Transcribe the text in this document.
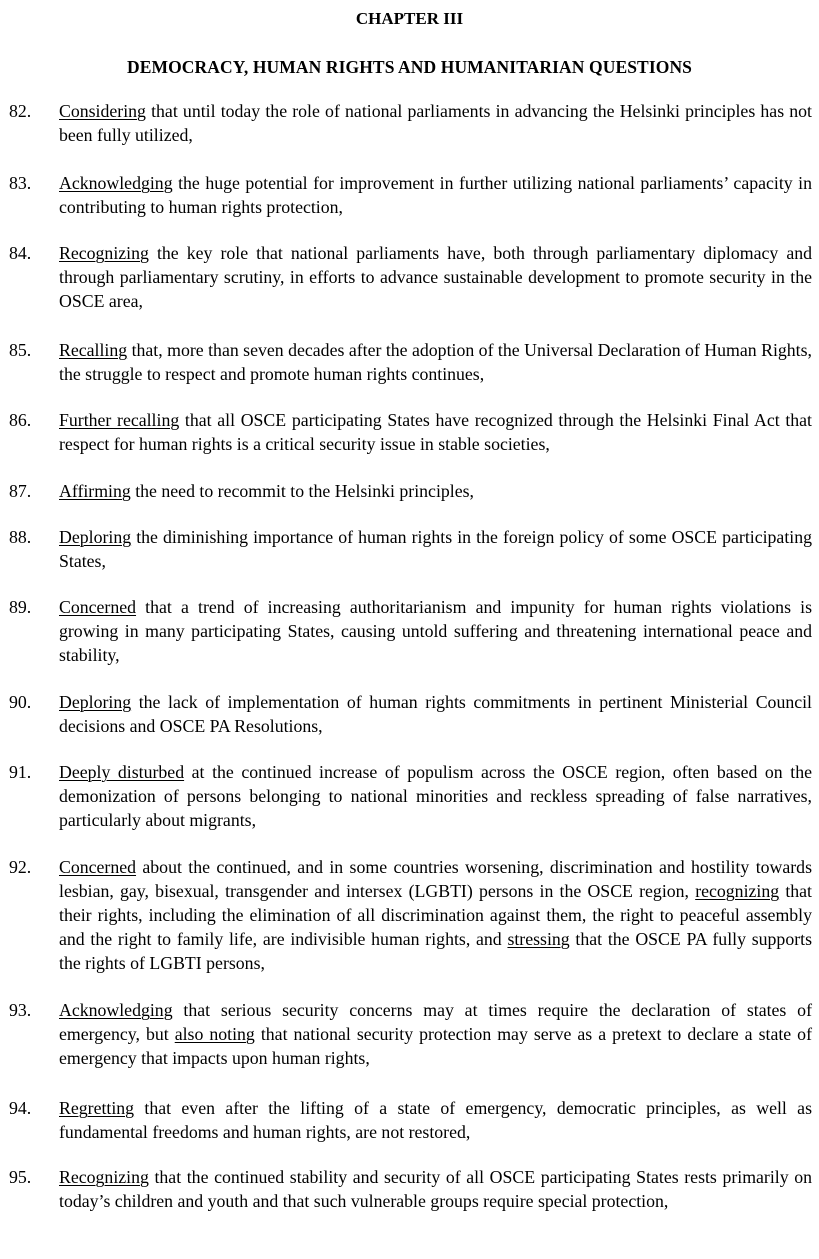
CHAPTER III
DEMOCRACY, HUMAN RIGHTS AND HUMANITARIAN QUESTIONS
82.	Considering that until today the role of national parliaments in advancing the Helsinki principles has not been fully utilized,
83.	Acknowledging the huge potential for improvement in further utilizing national parliaments’ capacity in contributing to human rights protection,
84.	Recognizing the key role that national parliaments have, both through parliamentary diplomacy and through parliamentary scrutiny, in efforts to advance sustainable development to promote security in the OSCE area,
85.	Recalling that, more than seven decades after the adoption of the Universal Declaration of Human Rights, the struggle to respect and promote human rights continues,
86.	Further recalling that all OSCE participating States have recognized through the Helsinki Final Act that respect for human rights is a critical security issue in stable societies,
87.	Affirming the need to recommit to the Helsinki principles,
88.	Deploring the diminishing importance of human rights in the foreign policy of some OSCE participating States,
89.	Concerned that a trend of increasing authoritarianism and impunity for human rights violations is growing in many participating States, causing untold suffering and threatening international peace and stability,
90.	Deploring the lack of implementation of human rights commitments in pertinent Ministerial Council decisions and OSCE PA Resolutions,
91.	Deeply disturbed at the continued increase of populism across the OSCE region, often based on the demonization of persons belonging to national minorities and reckless spreading of false narratives, particularly about migrants,
92.	Concerned about the continued, and in some countries worsening, discrimination and hostility towards lesbian, gay, bisexual, transgender and intersex (LGBTI) persons in the OSCE region, recognizing that their rights, including the elimination of all discrimination against them, the right to peaceful assembly and the right to family life, are indivisible human rights, and stressing that the OSCE PA fully supports the rights of LGBTI persons,
93.	Acknowledging that serious security concerns may at times require the declaration of states of emergency, but also noting that national security protection may serve as a pretext to declare a state of emergency that impacts upon human rights,
94.	Regretting that even after the lifting of a state of emergency, democratic principles, as well as fundamental freedoms and human rights, are not restored,
95.	Recognizing that the continued stability and security of all OSCE participating States rests primarily on today’s children and youth and that such vulnerable groups require special protection,
